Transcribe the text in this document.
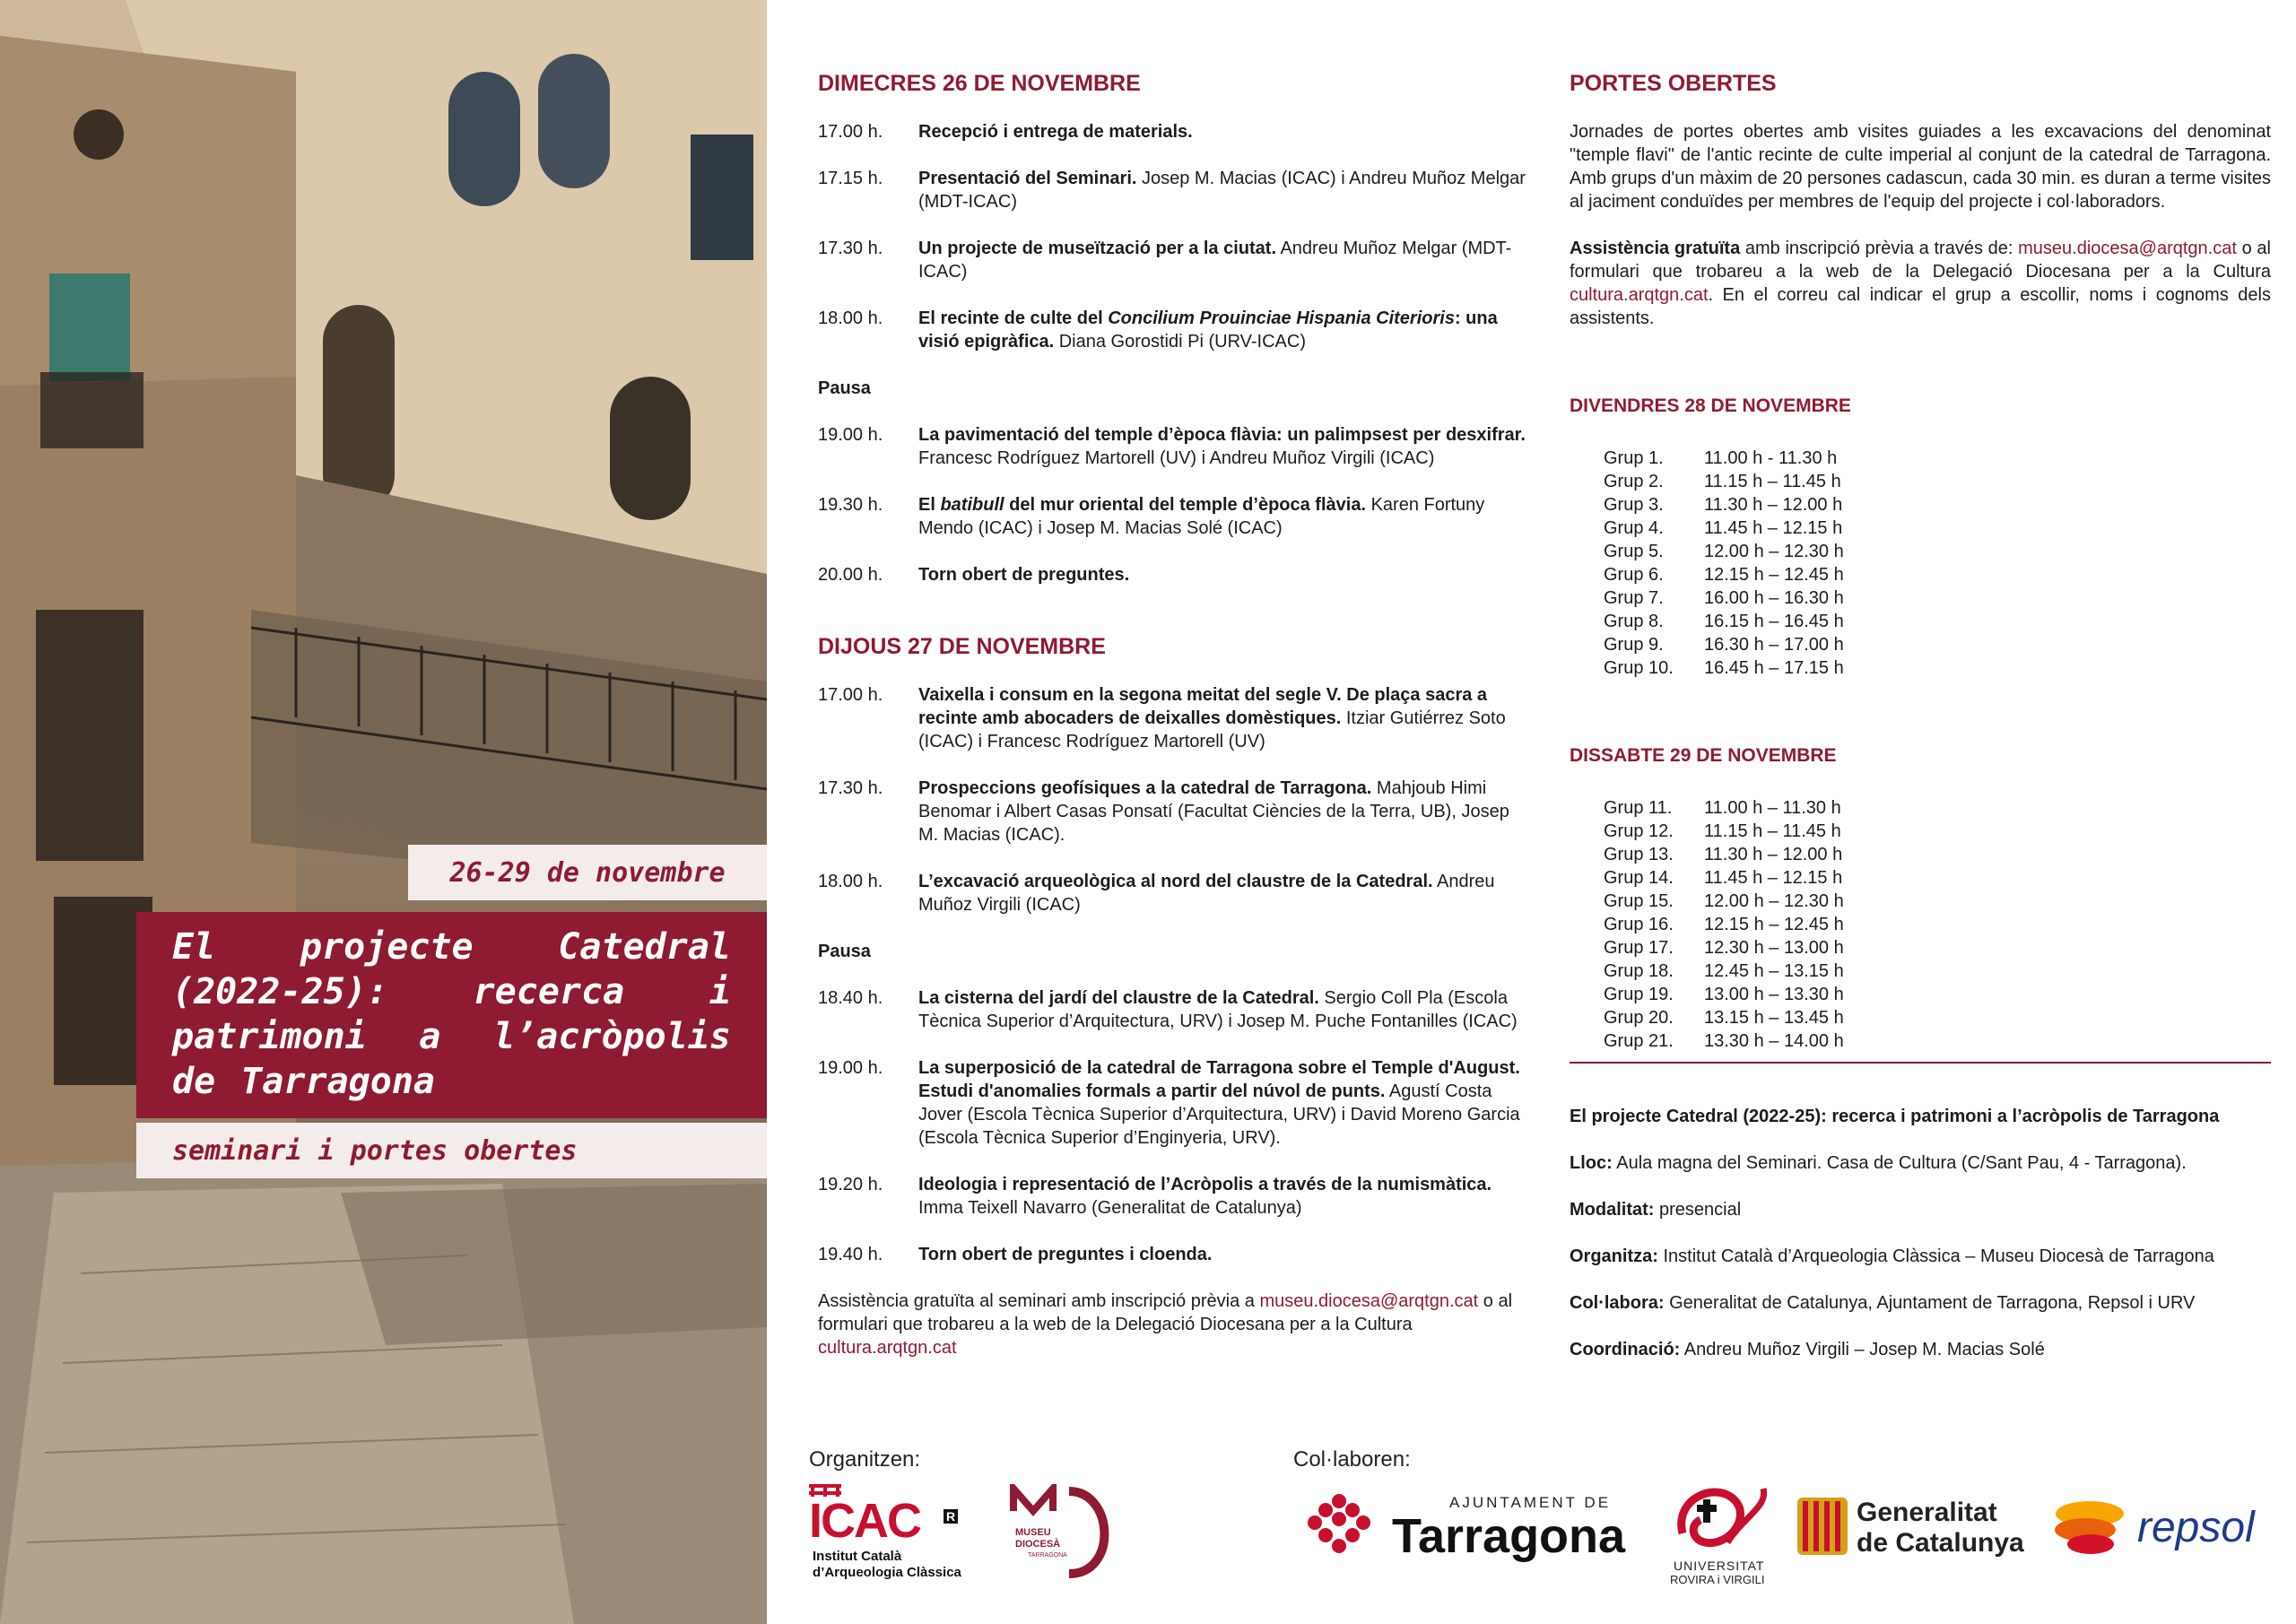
26-29 de novembre
El projecte Catedral (2022-25): recerca i patrimoni a l’acròpolis de Tarragona
seminari i portes obertes
DIMECRES 26 DE NOVEMBRE
17.00 h.	Recepció i entrega de materials.
17.15 h.	Presentació del Seminari. Josep M. Macias (ICAC) i Andreu Muñoz Melgar (MDT-ICAC)
17.30 h.	Un projecte de museïtzació per a la ciutat. Andreu Muñoz Melgar (MDT-ICAC)
18.00 h.	El recinte de culte del Concilium Prouinciae Hispania Citerioris: una visió epigràfica. Diana Gorostidi Pi (URV-ICAC)
Pausa
19.00 h.	La pavimentació del temple d’època flàvia: un palimpsest per desxifrar. Francesc Rodríguez Martorell (UV) i Andreu Muñoz Virgili (ICAC)
19.30 h.	El batibull del mur oriental del temple d’època flàvia. Karen Fortuny Mendo (ICAC) i Josep M. Macias Solé (ICAC)
20.00 h.	Torn obert de preguntes.
DIJOUS 27 DE NOVEMBRE
17.00 h.	Vaixella i consum en la segona meitat del segle V. De plaça sacra a recinte amb abocaders de deixalles domèstiques. Itziar Gutiérrez Soto (ICAC) i Francesc Rodríguez Martorell (UV)
17.30 h.	Prospeccions geofísiques a la catedral de Tarragona. Mahjoub Himi Benomar i Albert Casas Ponsatí (Facultat Ciències de la Terra, UB), Josep M. Macias (ICAC).
18.00 h.	L’excavació arqueològica al nord del claustre de la Catedral. Andreu Muñoz Virgili (ICAC)
Pausa
18.40 h.	La cisterna del jardí del claustre de la Catedral. Sergio Coll Pla (Escola Tècnica Superior d’Arquitectura, URV) i Josep M. Puche Fontanilles (ICAC)
19.00 h.	La superposició de la catedral de Tarragona sobre el Temple d'August. Estudi d'anomalies formals a partir del núvol de punts. Agustí Costa Jover (Escola Tècnica Superior d’Arquitectura, URV) i David Moreno Garcia (Escola Tècnica Superior d’Enginyeria, URV).
19.20 h.	Ideologia i representació de l’Acròpolis a través de la numismàtica. Imma Teixell Navarro (Generalitat de Catalunya)
19.40 h.	Torn obert de preguntes i cloenda.
Assistència gratuïta al seminari amb inscripció prèvia a museu.diocesa@arqtgn.cat o al formulari que trobareu a la web de la Delegació Diocesana per a la Cultura cultura.arqtgn.cat
PORTES OBERTES
Jornades de portes obertes amb visites guiades a les excavacions del denominat "temple flavi" de l'antic recinte de culte imperial al conjunt de la catedral de Tarragona. Amb grups d'un màxim de 20 persones cadascun, cada 30 min. es duran a terme visites al jaciment conduïdes per membres de l'equip del projecte i col·laboradors.
Assistència gratuïta amb inscripció prèvia a través de: museu.diocesa@arqtgn.cat o al formulari que trobareu a la web de la Delegació Diocesana per a la Cultura cultura.arqtgn.cat. En el correu cal indicar el grup a escollir, noms i cognoms dels assistents.
DIVENDRES 28 DE NOVEMBRE
Grup 1.	11.00 h - 11.30 h
Grup 2.	11.15 h – 11.45 h
Grup 3.	11.30 h – 12.00 h
Grup 4.	11.45 h – 12.15 h
Grup 5.	12.00 h – 12.30 h
Grup 6.	12.15 h – 12.45 h
Grup 7.	16.00 h – 16.30 h
Grup 8.	16.15 h – 16.45 h
Grup 9.	16.30 h – 17.00 h
Grup 10.	16.45 h – 17.15 h
DISSABTE 29 DE NOVEMBRE
Grup 11.	11.00 h – 11.30 h
Grup 12.	11.15 h – 11.45 h
Grup 13.	11.30 h – 12.00 h
Grup 14.	11.45 h – 12.15 h
Grup 15.	12.00 h – 12.30 h
Grup 16.	12.15 h – 12.45 h
Grup 17.	12.30 h – 13.00 h
Grup 18.	12.45 h – 13.15 h
Grup 19.	13.00 h – 13.30 h
Grup 20.	13.15 h – 13.45 h
Grup 21.	13.30 h – 14.00 h
El projecte Catedral (2022-25): recerca i patrimoni a l’acròpolis de Tarragona
Lloc: Aula magna del Seminari. Casa de Cultura (C/Sant Pau, 4 - Tarragona).
Modalitat: presencial
Organitza: Institut Català d’Arqueologia Clàssica – Museu Diocesà de Tarragona
Col·labora: Generalitat de Catalunya, Ajuntament de Tarragona, Repsol i URV
Coordinació: Andreu Muñoz Virgili – Josep M. Macias Solé
Organitzen:	Col·laboren:
ICAC R
Institut Català
d’Arqueologia Clàssica
MUSEU
DIOCESÀ
TARRAGONA
AJUNTAMENT DE
Tarragona
UNIVERSITAT
ROVIRA i VIRGILI
Generalitat
de Catalunya	repsol
